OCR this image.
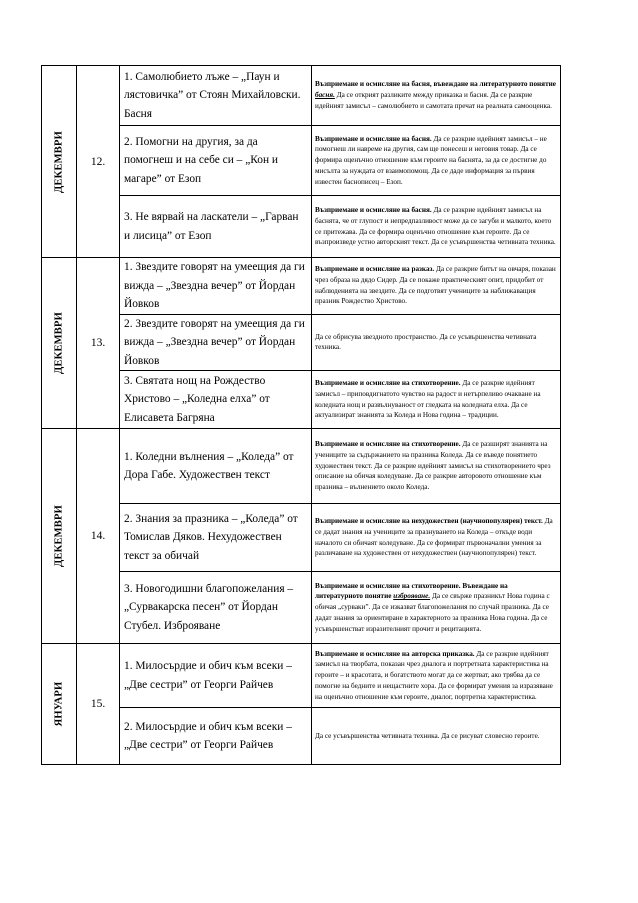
ДЕКЕМВРИ	12.	1. Самолюбието лъже – „Паун и лястовичка” от Стоян Михайловски. Басня	Възприемане и осмисляне на басня, въвеждане на литературното понятие басня. Да се открият разликите между приказка и басня. Да се разкрие идейният замисъл – самолюбието и самотата пречат на реалната самооценка.
		2. Помогни на другия, за да помогнеш и на себе си – „Кон и магаре” от Езоп	Възприемане и осмисляне на басня. Да се разкрие идейният замисъл – не помогнеш ли навреме на другия, сам ще понесеш и неговия товар. Да се формира оценъчно отношение към героите на баснята, за да се достигне до мисълта за нуждата от взаимопомощ. Да се даде информация за първия известен баснописец – Езоп.
		3. Не вярвай на ласкатели – „Гарван и лисица” от Езоп	Възприемане и осмисляне на басня. Да се разкрие идейният замисъл на баснята, че от глупост и непредпазливост може да се загуби и малкото, което се притежава. Да се формира оценъчно отношение към героите. Да се възпроизведе устно авторският текст. Да се усъвършенства четивната техника.

ДЕКЕМВРИ	13.	1. Звездите говорят на умеещия да ги вижда – „Звездна вечер” от Йордан Йовков	Възприемане и осмисляне на разказ. Да се разкрие битът на овчаря, показан чрез образа на дядо Сидер. Да се покаже практическият опит, придобит от наблюденията на звездите. Да се подготвят учениците за наближаващия празник Рождество Христово.
		2. Звездите говорят на умеещия да ги вижда – „Звездна вечер” от Йордан Йовков	Да се обрисува звездното пространство. Да се усъвършенства четивната техника.
		3. Святата нощ на Рождество Христово – „Коледна елха” от Елисавета Багряна	Възприемане и осмисляне на стихотворение. Да се разкрие идейният замисъл – приповдигнатото чувство на радост и нетърпеливо очакване на коледната нощ и развълнуваност от гледката на коледната елха. Да се актуализират знанията за Коледа и Нова година – традиции.

ДЕКЕМВРИ	14.	1. Коледни вълнения – „Коледа” от Дора Габе. Художествен текст	Възприемане и осмисляне на стихотворение. Да се разширят знанията на учениците за съдържанието на празника Коледа. Да се въведе понятието художествен текст. Да се разкрие идейният замисъл на стихотворението чрез описание на обичая коледуване. Да се разкрие авторовото отношение към празника – вълнението около Коледа.
		2. Знания за празника – „Коледа” от Томислав Дяков. Нехудожествен текст за обичай	Възприемане и осмисляне на нехудожествен (научнопопулярен) текст. Да се дадат знания на учениците за празнуването на Коледа – откъде води началото си обичаят коледуване. Да се формират първоначални умения за различаване на художествен от нехудожествен (научнопопулярен) текст.
		3. Новогодишни благопожелания – „Сурвакарска песен” от Йордан Стубел. Изброяване	Възприемане и осмисляне на стихотворение. Въвеждане на литературното понятие изброяване. Да се свърже празникът Нова година с обичая „сурвaки”. Да се изказват благопожелания по случай празника. Да се дадат знания за ориентиране в характерното за празника Нова година. Да се усъвършенстват изразителният прочит и рецитацията.

ЯНУАРИ	15.	1. Милосърдие и обич към всеки – „Две сестри” от Георги Райчев	Възприемане и осмисляне на авторска приказка. Да се разкрие идейният замисъл на творбата, показан чрез диалога и портретната характеристика на героите – и красотата, и богатството могат да се жертват, ако трябва да се помогне на бедните и нещастните хора. Да се формират умения за изразяване на оценъчно отношение към героите, диалог, портретна характеристика.
		2. Милосърдие и обич към всеки – „Две сестри” от Георги Райчев	Да се усъвършенства четивната техника. Да се рисуват словесно героите.
